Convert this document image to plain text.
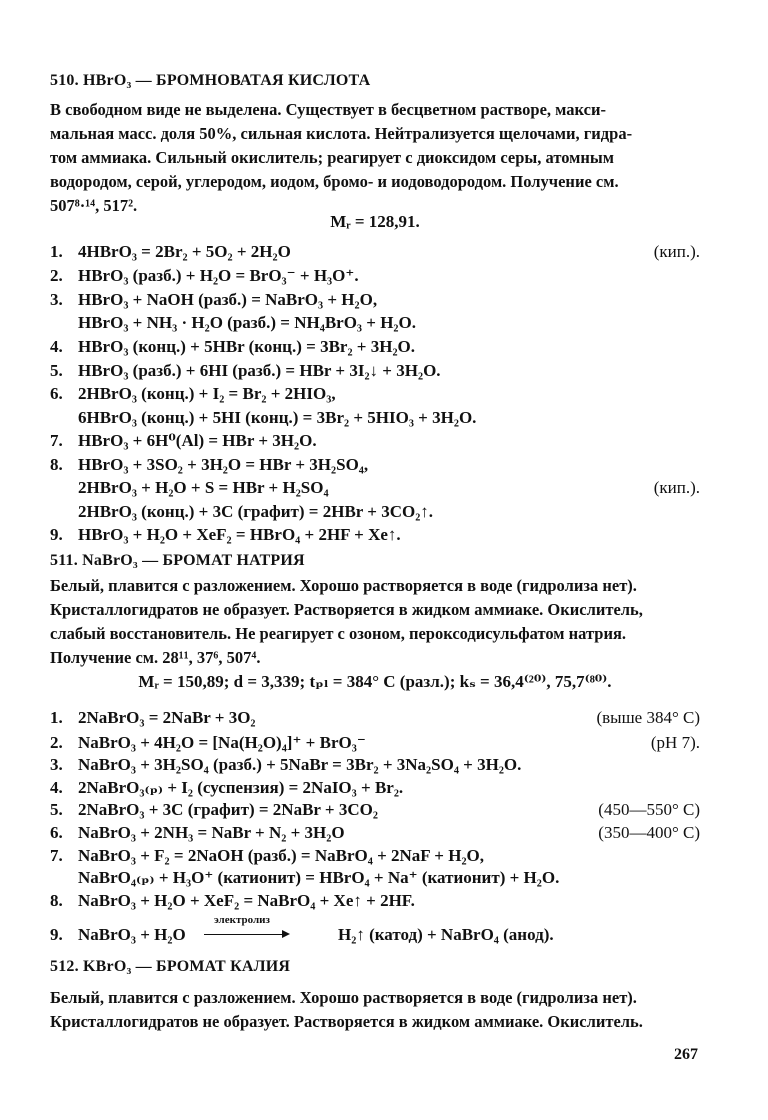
510. HBrO₃ — БРОМНОВАТАЯ КИСЛОТА
В свободном виде не выделена. Существует в бесцветном растворе, макси-
мальная масс. доля 50%, сильная кислота. Нейтрализуется щелочами, гидра-
том аммиака. Сильный окислитель; реагирует с диоксидом серы, атомным
водородом, серой, углеродом, иодом, бромо- и иодоводородом. Получение см.
507⁸·¹⁴, 517².
Mᵣ = 128,91.
1. 4HBrO₃ = 2Br₂ + 5O₂ + 2H₂O	(кип.).
2. HBrO₃ (разб.) + H₂O = BrO₃⁻ + H₃O⁺.
3. HBrO₃ + NaOH (разб.) = NaBrO₃ + H₂O,
HBrO₃ + NH₃ · H₂O (разб.) = NH₄BrO₃ + H₂O.
4. HBrO₃ (конц.) + 5HBr (конц.) = 3Br₂ + 3H₂O.
5. HBrO₃ (разб.) + 6HI (разб.) = HBr + 3I₂↓ + 3H₂O.
6. 2HBrO₃ (конц.) + I₂ = Br₂ + 2HIO₃,
6HBrO₃ (конц.) + 5HI (конц.) = 3Br₂ + 5HIO₃ + 3H₂O.
7. HBrO₃ + 6H⁰(Al) = HBr + 3H₂O.
8. HBrO₃ + 3SO₂ + 3H₂O = HBr + 3H₂SO₄,
2HBrO₃ + H₂O + S = HBr + H₂SO₄	(кип.).
2HBrO₃ (конц.) + 3C (графит) = 2HBr + 3CO₂↑.
9. HBrO₃ + H₂O + XeF₂ = HBrO₄ + 2HF + Xe↑.
511. NaBrO₃ — БРОМАТ НАТРИЯ
Белый, плавится с разложением. Хорошо растворяется в воде (гидролиза нет).
Кристаллогидратов не образует. Растворяется в жидком аммиаке. Окислитель,
слабый восстановитель. Не реагирует с озоном, пероксодисульфатом натрия.
Получение см. 28¹¹, 37⁶, 507⁴.
Mᵣ = 150,89; d = 3,339; tₚₗ = 384° C (разл.); kₛ = 36,4⁽²⁰⁾, 75,7⁽⁸⁰⁾.
1. 2NaBrO₃ = 2NaBr + 3O₂	(выше 384° C)
2. NaBrO₃ + 4H₂O = [Na(H₂O)₄]⁺ + BrO₃⁻	(pH 7).
3. NaBrO₃ + 3H₂SO₄ (разб.) + 5NaBr = 3Br₂ + 3Na₂SO₄ + 3H₂O.
4. 2NaBrO₃₍ₚ₎ + I₂ (суспензия) = 2NaIO₃ + Br₂.
5. 2NaBrO₃ + 3C (графит) = 2NaBr + 3CO₂	(450—550° C)
6. NaBrO₃ + 2NH₃ = NaBr + N₂ + 3H₂O	(350—400° C)
7. NaBrO₃ + F₂ = 2NaOH (разб.) = NaBrO₄ + 2NaF + H₂O,
NaBrO₄₍ₚ₎ + H₃O⁺ (катионит) = HBrO₄ + Na⁺ (катионит) + H₂O.
8. NaBrO₃ + H₂O + XeF₂ = NaBrO₄ + Xe↑ + 2HF.
9. NaBrO₃ + H₂O	H₂↑ (катод) + NaBrO₄ (анод).
электролиз
512. KBrO₃ — БРОМАТ КАЛИЯ
Белый, плавится с разложением. Хорошо растворяется в воде (гидролиза нет).
Кристаллогидратов не образует. Растворяется в жидком аммиаке. Окислитель.
267
